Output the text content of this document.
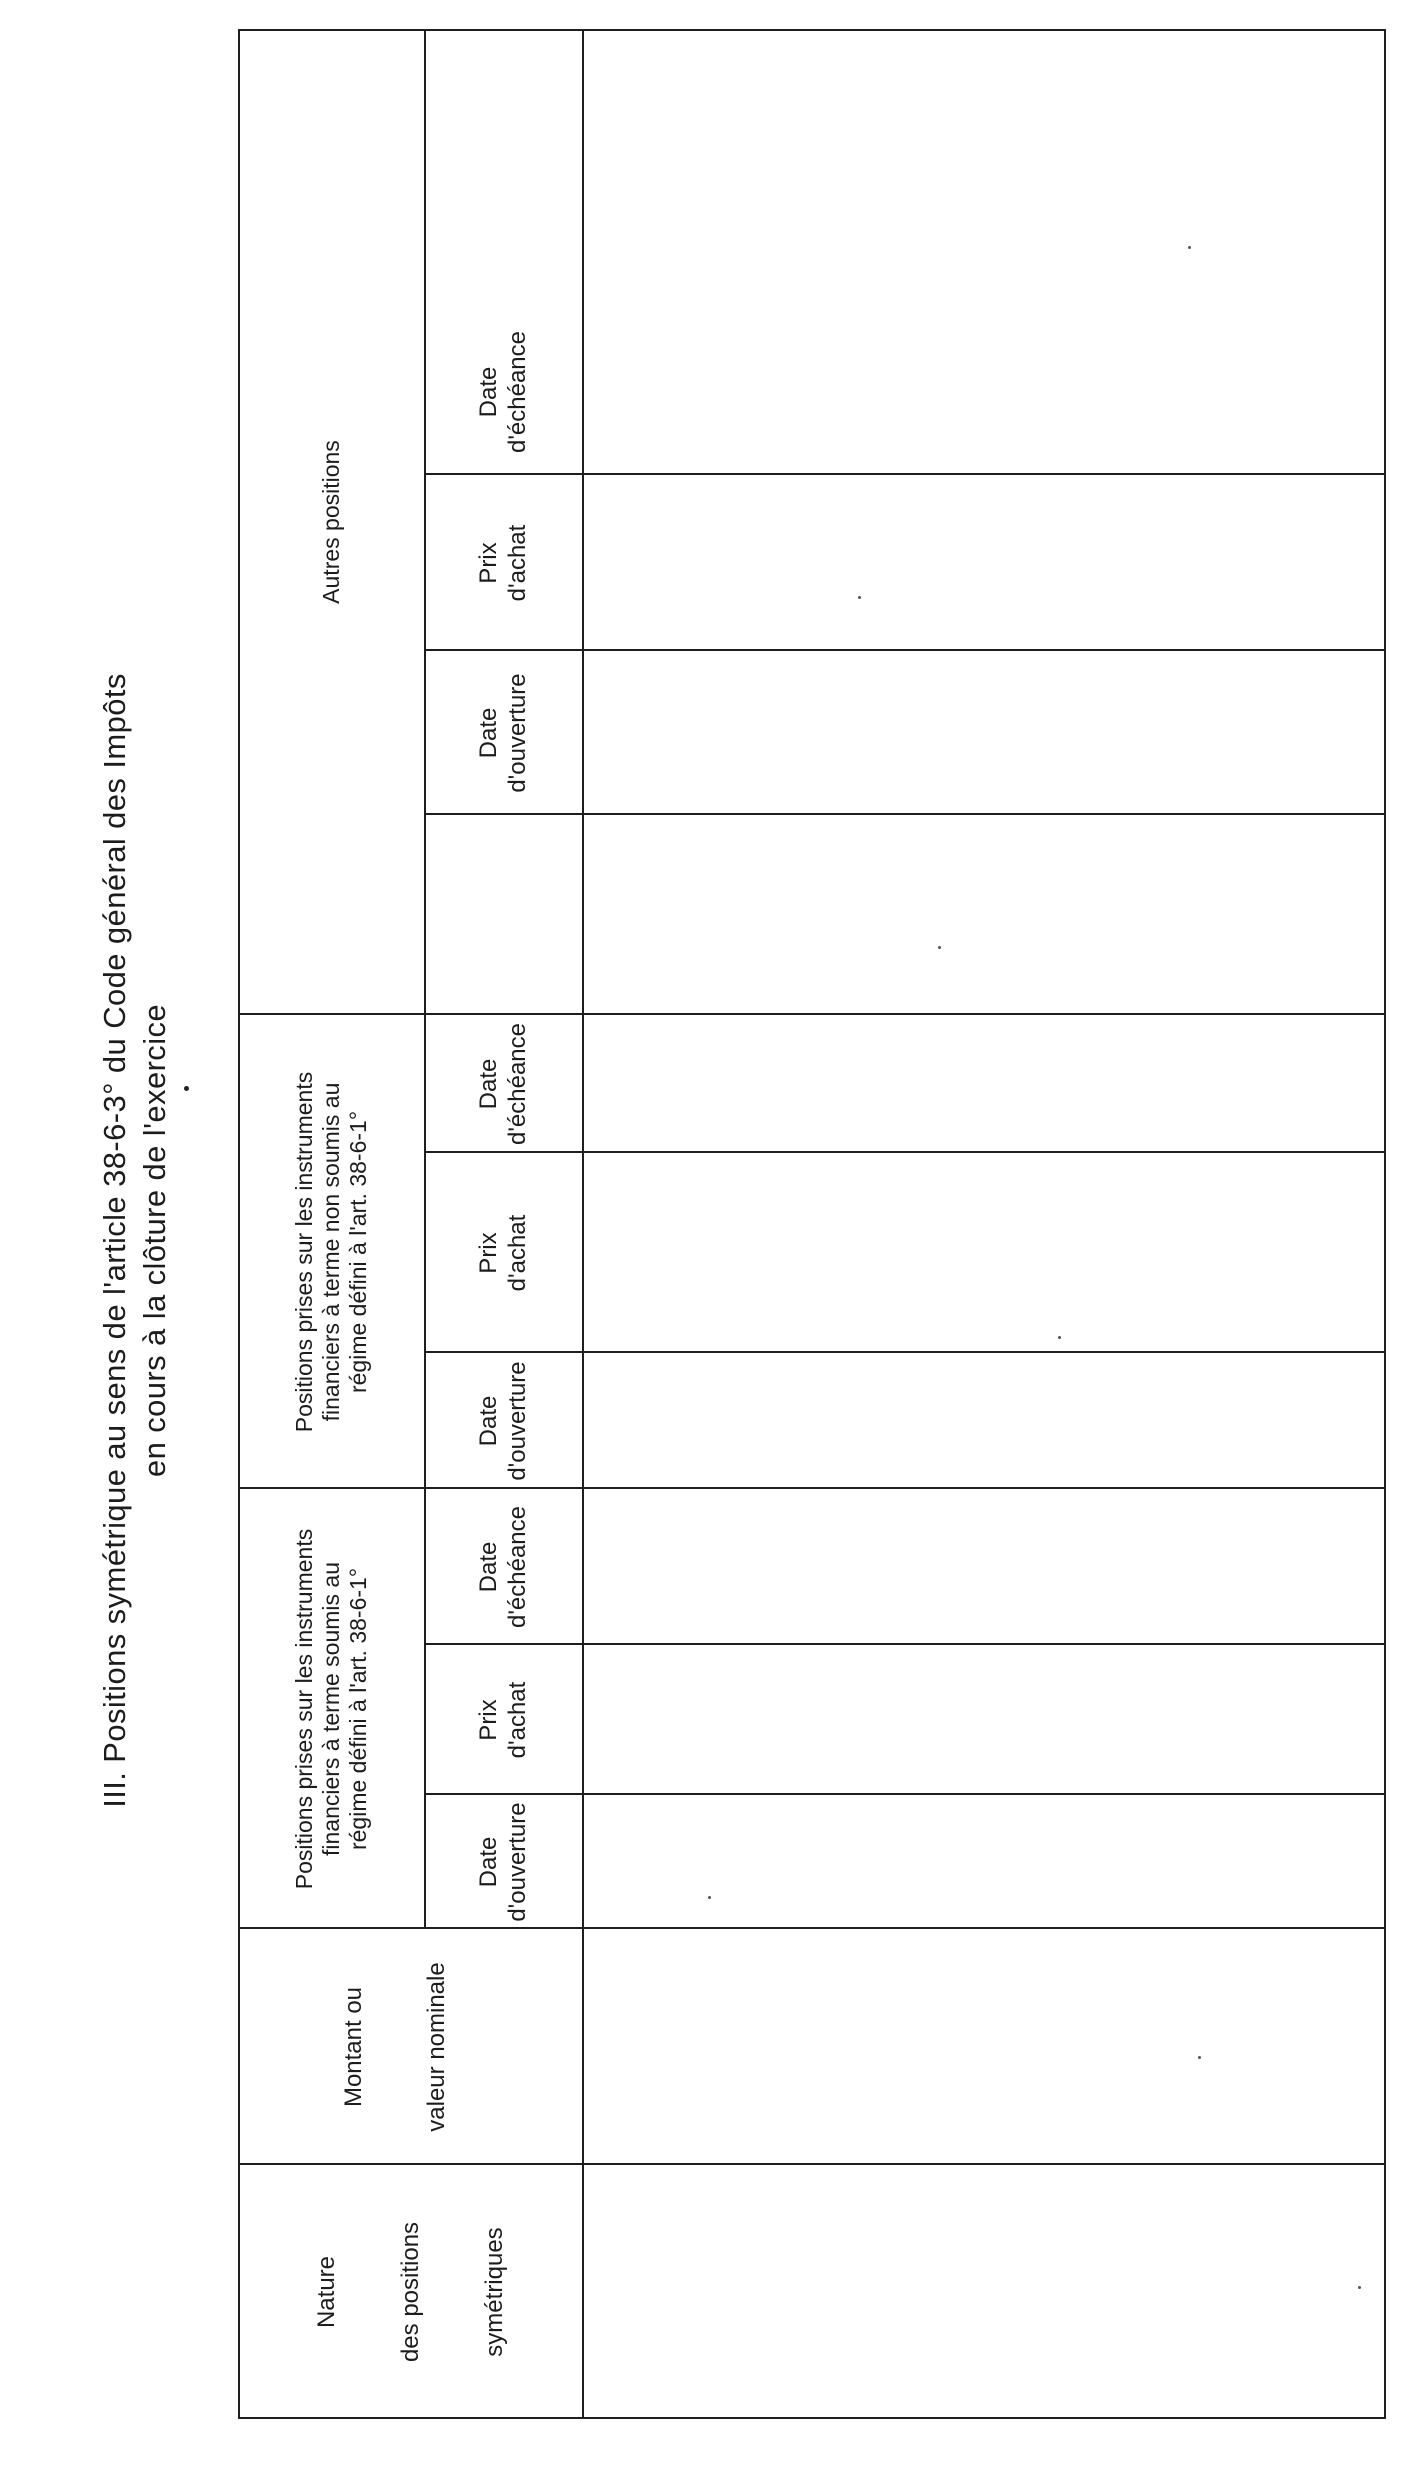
III. Positions symétrique au sens de l'article 38-6-3° du Code général des Impôts en cours à la clôture de l'exercice
Nature des positions symétriques
Montant ou valeur nominale
Positions prises sur les instruments
financiers à terme soumis au
régime défini à l'art. 38-6-1°
Date
d'ouverture
Prix
d'achat
Date
d'échéance
Positions prises sur les instruments
financiers à terme non soumis au
régime défini à l'art. 38-6-1°
Date
d'ouverture
Prix
d'achat
Date
d'échéance
Autres positions
Date
d'ouverture
Prix
d'achat
Date
d'échéance
